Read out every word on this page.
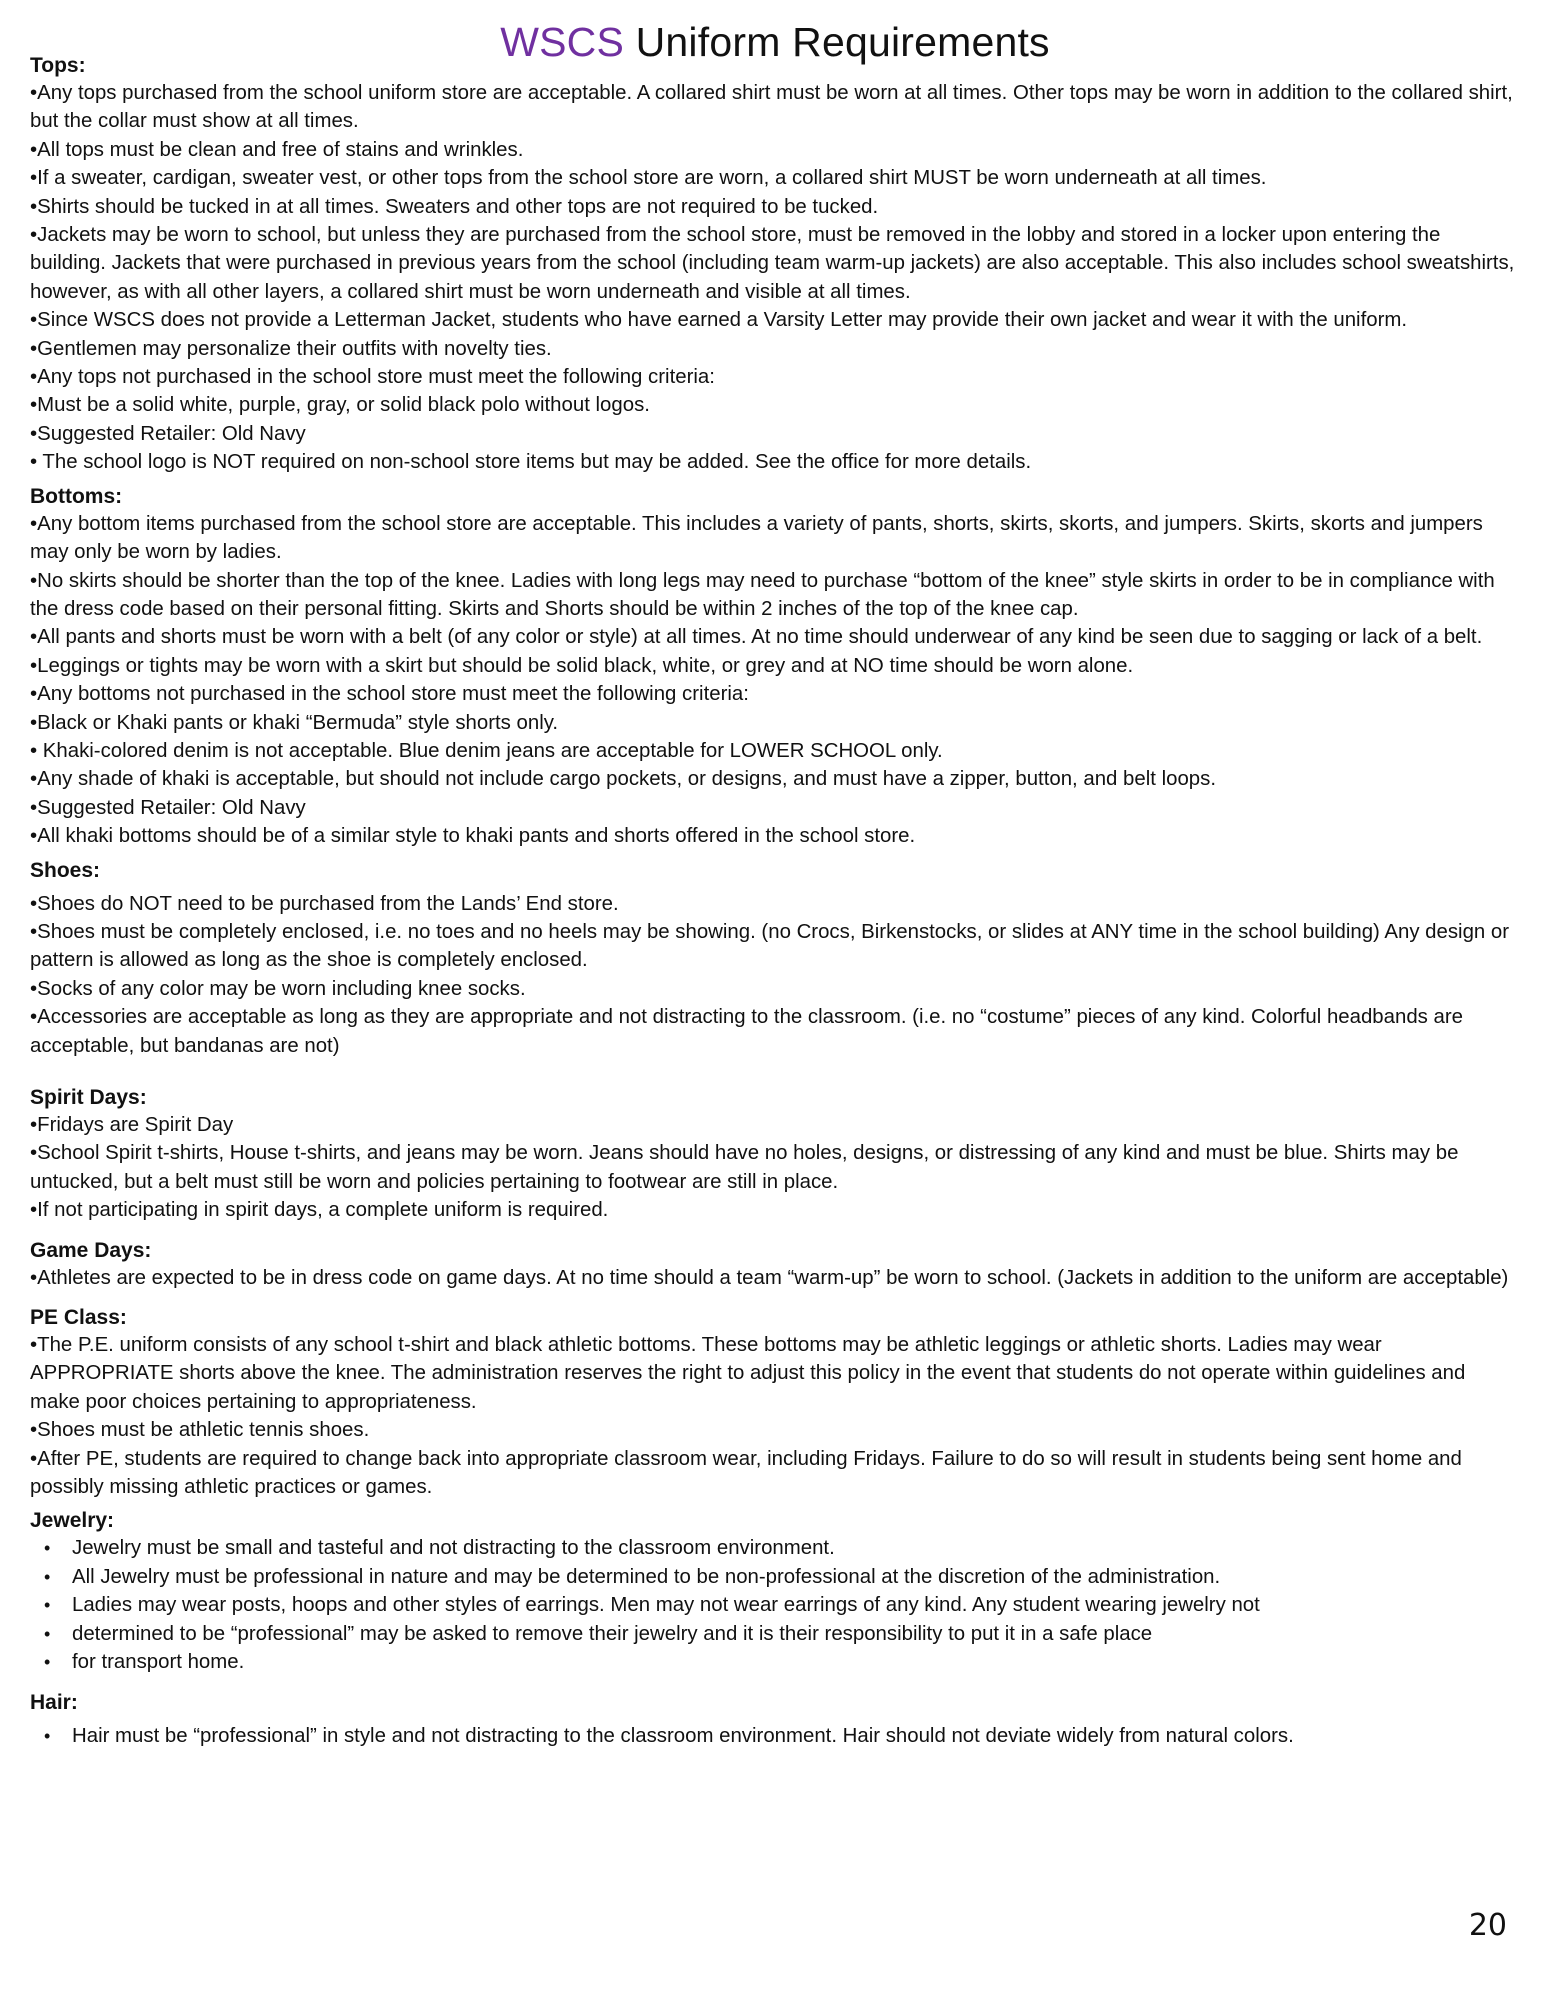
WSCS Uniform Requirements

Tops:

•Any tops purchased from the school uniform store are acceptable. A collared shirt must be worn at all times. Other tops may be worn in addition to the collared shirt, but the collar must show at all times.

•All tops must be clean and free of stains and wrinkles.

•If a sweater, cardigan, sweater vest, or other tops from the school store are worn, a collared shirt MUST be worn underneath at all times.

•Shirts should be tucked in at all times. Sweaters and other tops are not required to be tucked.

•Jackets may be worn to school, but unless they are purchased from the school store, must be removed in the lobby and stored in a locker upon entering the building. Jackets that were purchased in previous years from the school (including team warm-up jackets) are also acceptable. This also includes school sweatshirts, however, as with all other layers, a collared shirt must be worn underneath and visible at all times.

•Since WSCS does not provide a Letterman Jacket, students who have earned a Varsity Letter may provide their own jacket and wear it with the uniform.

•Gentlemen may personalize their outfits with novelty ties.

•Any tops not purchased in the school store must meet the following criteria:

•Must be a solid white, purple, gray, or solid black polo without logos.

•Suggested Retailer: Old Navy

• The school logo is NOT required on non-school store items but may be added. See the office for more details.

Bottoms:

•Any bottom items purchased from the school store are acceptable. This includes a variety of pants, shorts, skirts, skorts, and jumpers. Skirts, skorts and jumpers may only be worn by ladies.

•No skirts should be shorter than the top of the knee. Ladies with long legs may need to purchase “bottom of the knee” style skirts in order to be in compliance with the dress code based on their personal fitting. Skirts and Shorts should be within 2 inches of the top of the knee cap.

•All pants and shorts must be worn with a belt (of any color or style) at all times. At no time should underwear of any kind be seen due to sagging or lack of a belt.

•Leggings or tights may be worn with a skirt but should be solid black, white, or grey and at NO time should be worn alone.

•Any bottoms not purchased in the school store must meet the following criteria:

•Black or Khaki pants or khaki “Bermuda” style shorts only.

• Khaki-colored denim is not acceptable. Blue denim jeans are acceptable for LOWER SCHOOL only.

•Any shade of khaki is acceptable, but should not include cargo pockets, or designs, and must have a zipper, button, and belt loops.

•Suggested Retailer: Old Navy

•All khaki bottoms should be of a similar style to khaki pants and shorts offered in the school store.

Shoes:

•Shoes do NOT need to be purchased from the Lands’ End store.

•Shoes must be completely enclosed, i.e. no toes and no heels may be showing. (no Crocs, Birkenstocks, or slides at ANY time in the school building) Any design or pattern is allowed as long as the shoe is completely enclosed.

•Socks of any color may be worn including knee socks.

•Accessories are acceptable as long as they are appropriate and not distracting to the classroom. (i.e. no “costume” pieces of any kind. Colorful headbands are acceptable, but bandanas are not)

Spirit Days:

•Fridays are Spirit Day

•School Spirit t-shirts, House t-shirts, and jeans may be worn. Jeans should have no holes, designs, or distressing of any kind and must be blue. Shirts may be untucked, but a belt must still be worn and policies pertaining to footwear are still in place.

•If not participating in spirit days, a complete uniform is required.

Game Days:

•Athletes are expected to be in dress code on game days. At no time should a team “warm-up” be worn to school. (Jackets in addition to the uniform are acceptable)

PE Class:

•The P.E. uniform consists of any school t-shirt and black athletic bottoms. These bottoms may be athletic leggings or athletic shorts. Ladies may wear APPROPRIATE shorts above the knee. The administration reserves the right to adjust this policy in the event that students do not operate within guidelines and make poor choices pertaining to appropriateness.

•Shoes must be athletic tennis shoes.

•After PE, students are required to change back into appropriate classroom wear, including Fridays. Failure to do so will result in students being sent home and possibly missing athletic practices or games.

Jewelry:

• Jewelry must be small and tasteful and not distracting to the classroom environment.
• All Jewelry must be professional in nature and may be determined to be non-professional at the discretion of the administration.
• Ladies may wear posts, hoops and other styles of earrings. Men may not wear earrings of any kind. Any student wearing jewelry not
• determined to be “professional” may be asked to remove their jewelry and it is their responsibility to put it in a safe place
• for transport home.

Hair:

• Hair must be “professional” in style and not distracting to the classroom environment. Hair should not deviate widely from natural colors.
20
